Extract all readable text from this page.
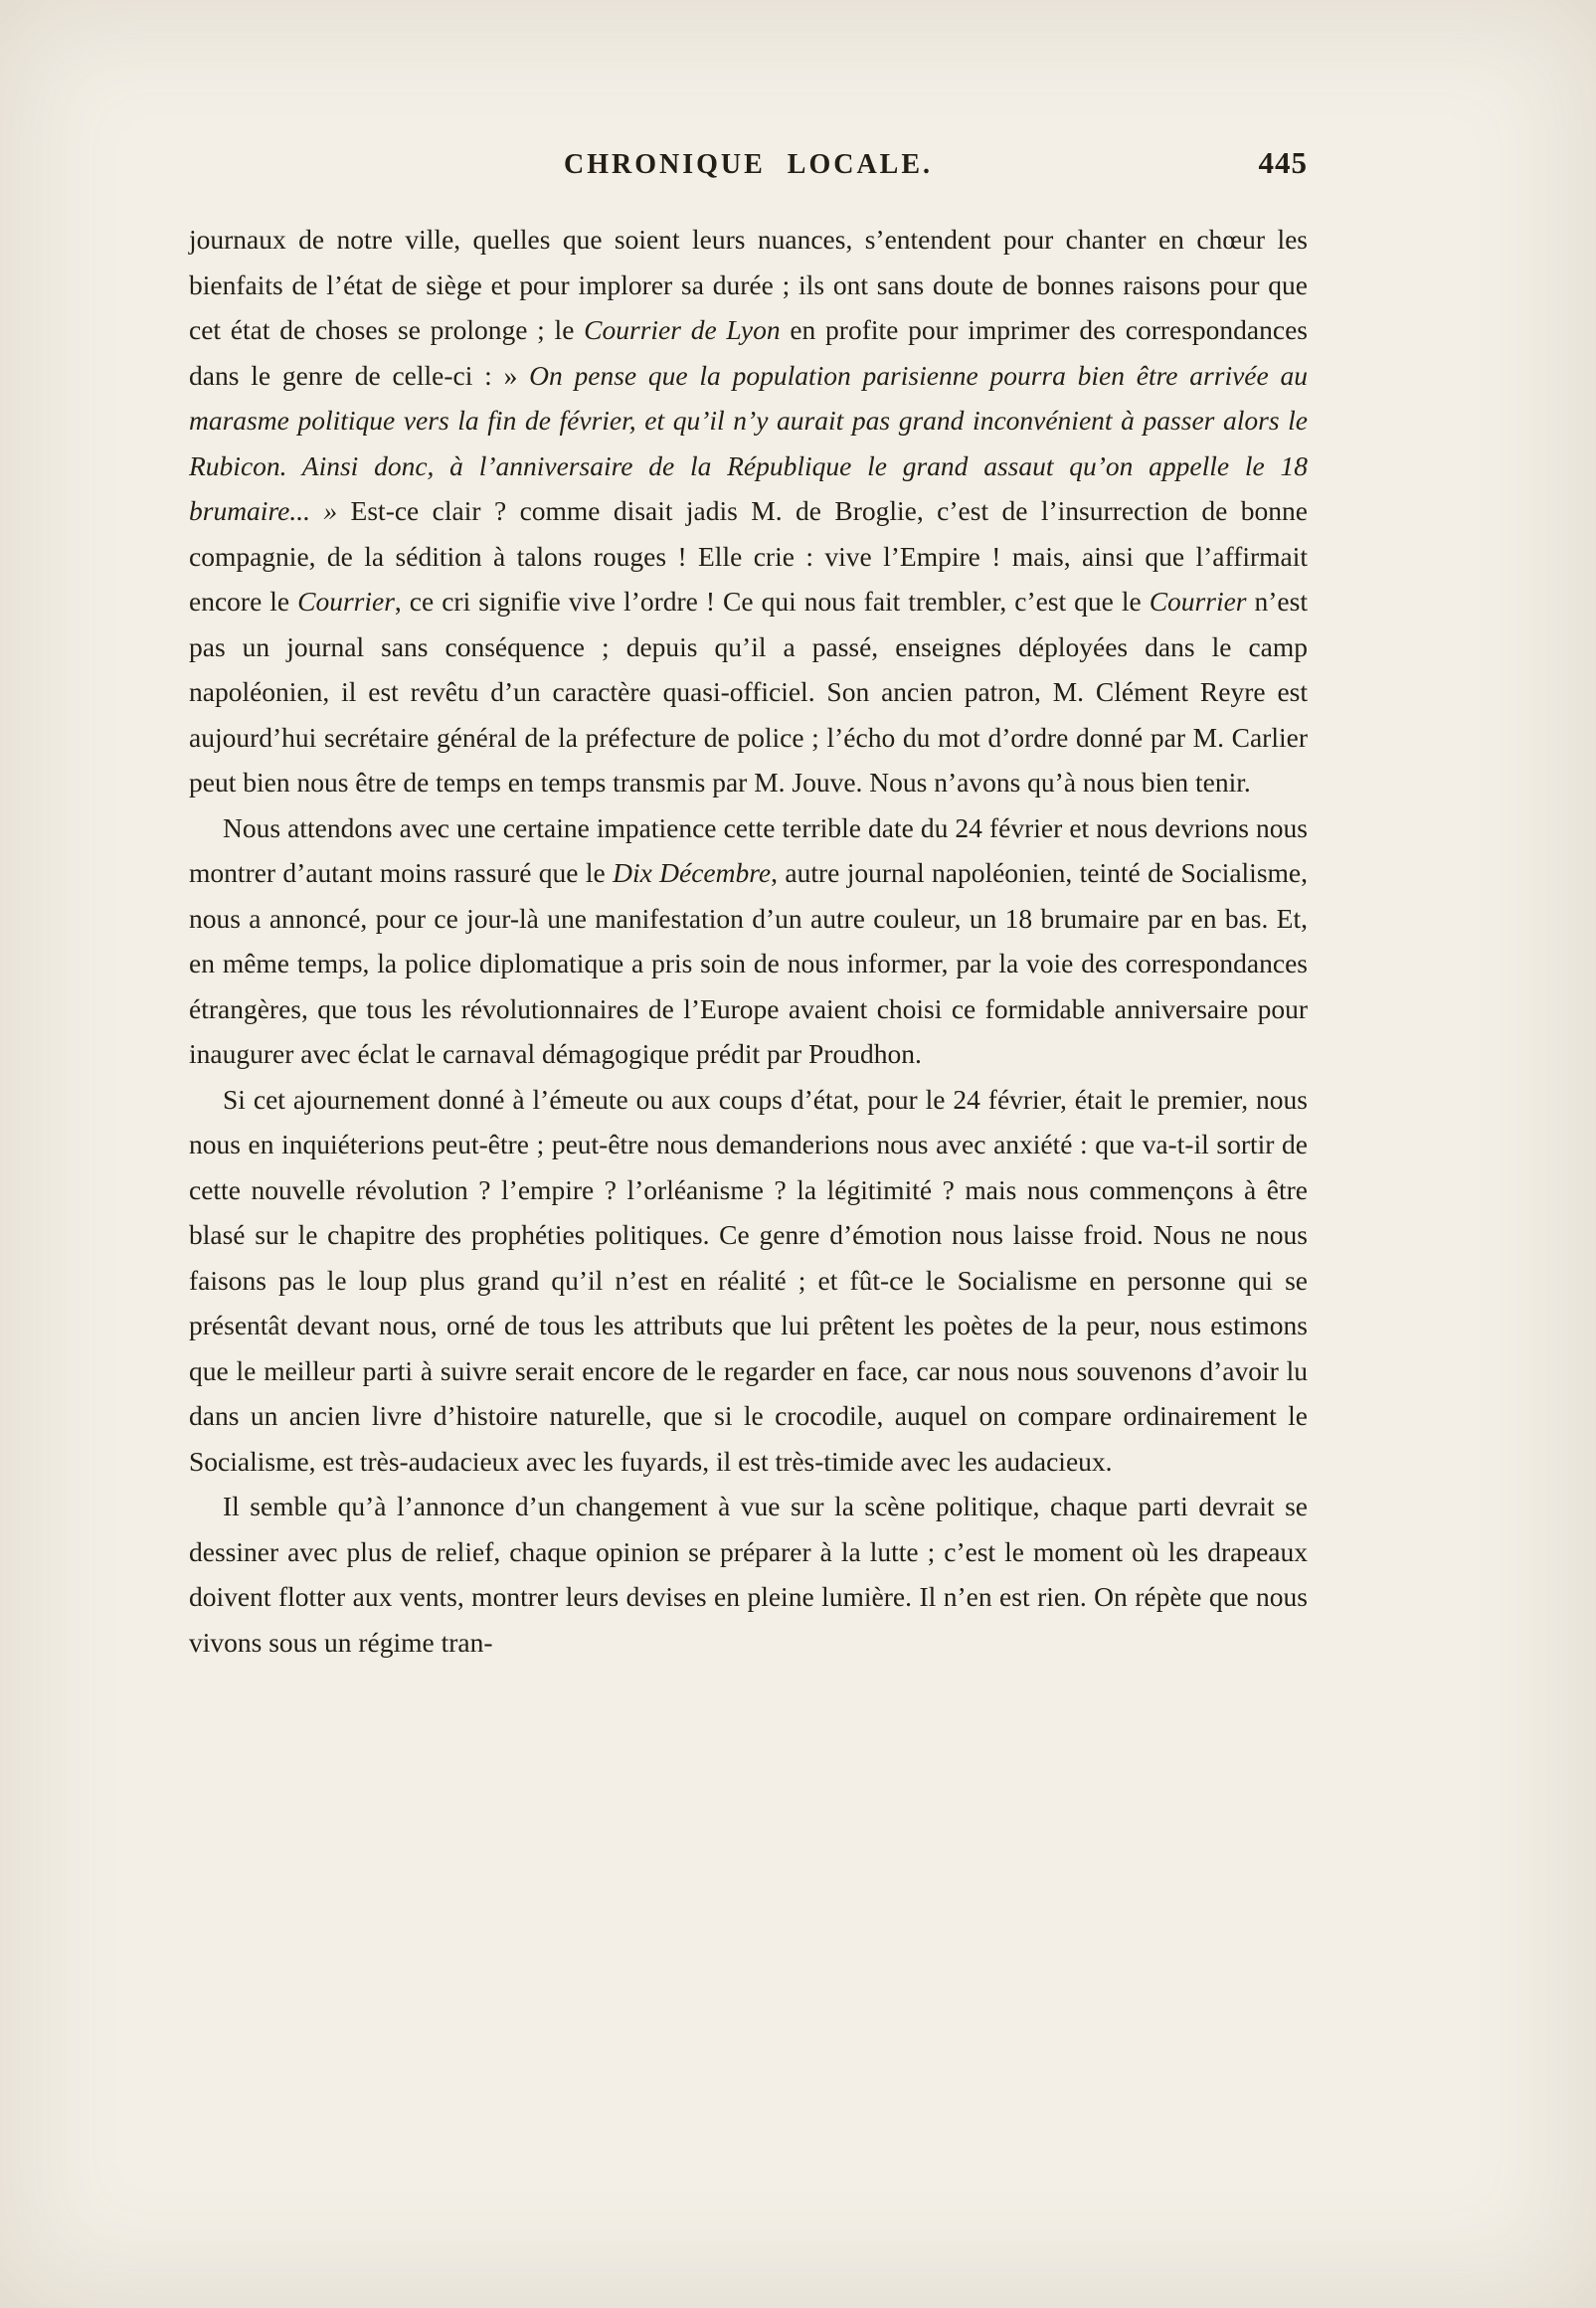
CHRONIQUE LOCALE.	445

journaux de notre ville, quelles que soient leurs nuances, s’entendent pour chanter en chœur les bienfaits de l’état de siège et pour implorer sa durée ; ils ont sans doute de bonnes raisons pour que cet état de choses se prolonge ; le Courrier de Lyon en profite pour imprimer des correspondances dans le genre de celle-ci : » On pense que la population parisienne pourra bien être arrivée au marasme politique vers la fin de février, et qu’il n’y aurait pas grand inconvénient à passer alors le Rubicon. Ainsi donc, à l’anniversaire de la République le grand assaut qu’on appelle le 18 brumaire... » Est-ce clair ? comme disait jadis M. de Broglie, c’est de l’insurrection de bonne compagnie, de la sédition à talons rouges ! Elle crie : vive l’Empire ! mais, ainsi que l’affirmait encore le Courrier, ce cri signifie vive l’ordre ! Ce qui nous fait trembler, c’est que le Courrier n’est pas un journal sans conséquence ; depuis qu’il a passé, enseignes déployées dans le camp napoléonien, il est revêtu d’un caractère quasi-officiel. Son ancien patron, M. Clément Reyre est aujourd’hui secrétaire général de la préfecture de police ; l’écho du mot d’ordre donné par M. Carlier peut bien nous être de temps en temps transmis par M. Jouve. Nous n’avons qu’à nous bien tenir.

Nous attendons avec une certaine impatience cette terrible date du 24 février et nous devrions nous montrer d’autant moins rassuré que le Dix Décembre, autre journal napoléonien, teinté de Socialisme, nous a annoncé, pour ce jour-là une manifestation d’un autre couleur, un 18 brumaire par en bas. Et, en même temps, la police diplomatique a pris soin de nous informer, par la voie des correspondances étrangères, que tous les révolutionnaires de l’Europe avaient choisi ce formidable anniversaire pour inaugurer avec éclat le carnaval démagogique prédit par Proudhon.

Si cet ajournement donné à l’émeute ou aux coups d’état, pour le 24 février, était le premier, nous nous en inquiéterions peut-être ; peut-être nous demanderions nous avec anxiété : que va-t-il sortir de cette nouvelle révolution ? l’empire ? l’orléanisme ? la légitimité ? mais nous commençons à être blasé sur le chapitre des prophéties politiques. Ce genre d’émotion nous laisse froid. Nous ne nous faisons pas le loup plus grand qu’il n’est en réalité ; et fût-ce le Socialisme en personne qui se présentât devant nous, orné de tous les attributs que lui prêtent les poètes de la peur, nous estimons que le meilleur parti à suivre serait encore de le regarder en face, car nous nous souvenons d’avoir lu dans un ancien livre d’histoire naturelle, que si le crocodile, auquel on compare ordinairement le Socialisme, est très-audacieux avec les fuyards, il est très-timide avec les audacieux.

Il semble qu’à l’annonce d’un changement à vue sur la scène politique, chaque parti devrait se dessiner avec plus de relief, chaque opinion se préparer à la lutte ; c’est le moment où les drapeaux doivent flotter aux vents, montrer leurs devises en pleine lumière. Il n’en est rien. On répète que nous vivons sous un régime tran-
